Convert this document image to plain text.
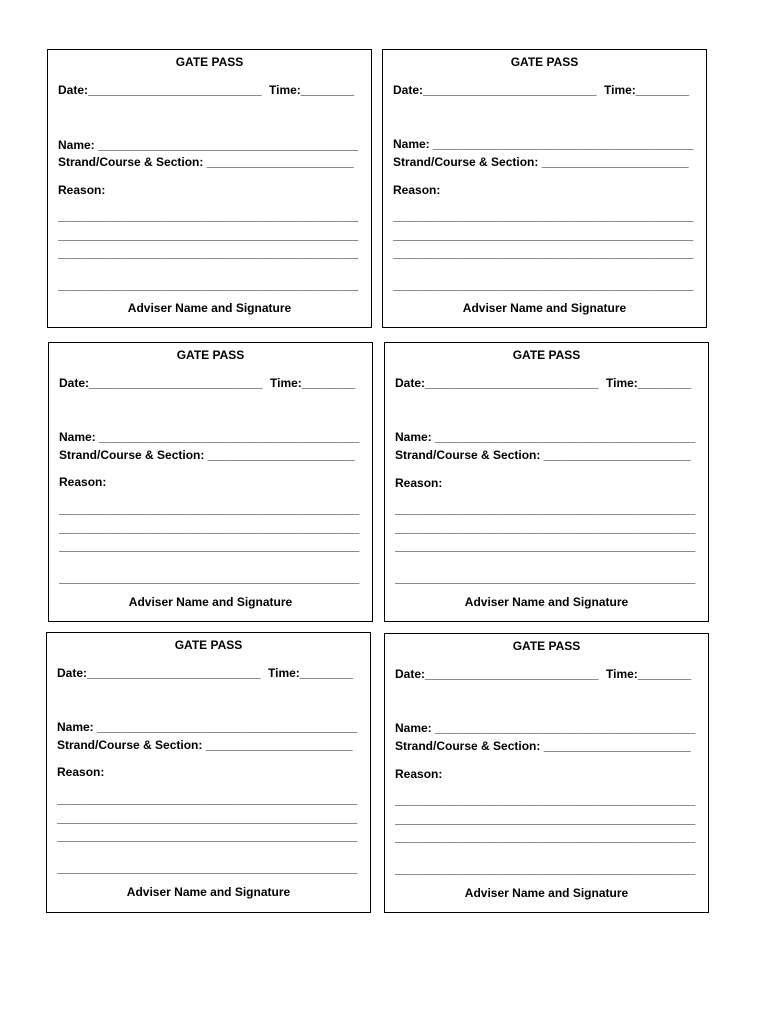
GATE PASS
Date:__________________________ Time:________
Name: _______________________________________
Strand/Course & Section: ______________________
Reason:
_____________________________________________
_____________________________________________
_____________________________________________
_____________________________________________
Adviser Name and Signature
GATE PASS
Date:__________________________ Time:________
Name: _______________________________________
Strand/Course & Section: ______________________
Reason:
_____________________________________________
_____________________________________________
_____________________________________________
_____________________________________________
Adviser Name and Signature
GATE PASS
Date:__________________________ Time:________
Name: _______________________________________
Strand/Course & Section: ______________________
Reason:
_____________________________________________
_____________________________________________
_____________________________________________
_____________________________________________
Adviser Name and Signature
GATE PASS
Date:__________________________ Time:________
Name: _______________________________________
Strand/Course & Section: ______________________
Reason:
_____________________________________________
_____________________________________________
_____________________________________________
_____________________________________________
Adviser Name and Signature
GATE PASS
Date:__________________________ Time:________
Name: _______________________________________
Strand/Course & Section: ______________________
Reason:
_____________________________________________
_____________________________________________
_____________________________________________
_____________________________________________
Adviser Name and Signature
GATE PASS
Date:__________________________ Time:________
Name: _______________________________________
Strand/Course & Section: ______________________
Reason:
_____________________________________________
_____________________________________________
_____________________________________________
_____________________________________________
Adviser Name and Signature
